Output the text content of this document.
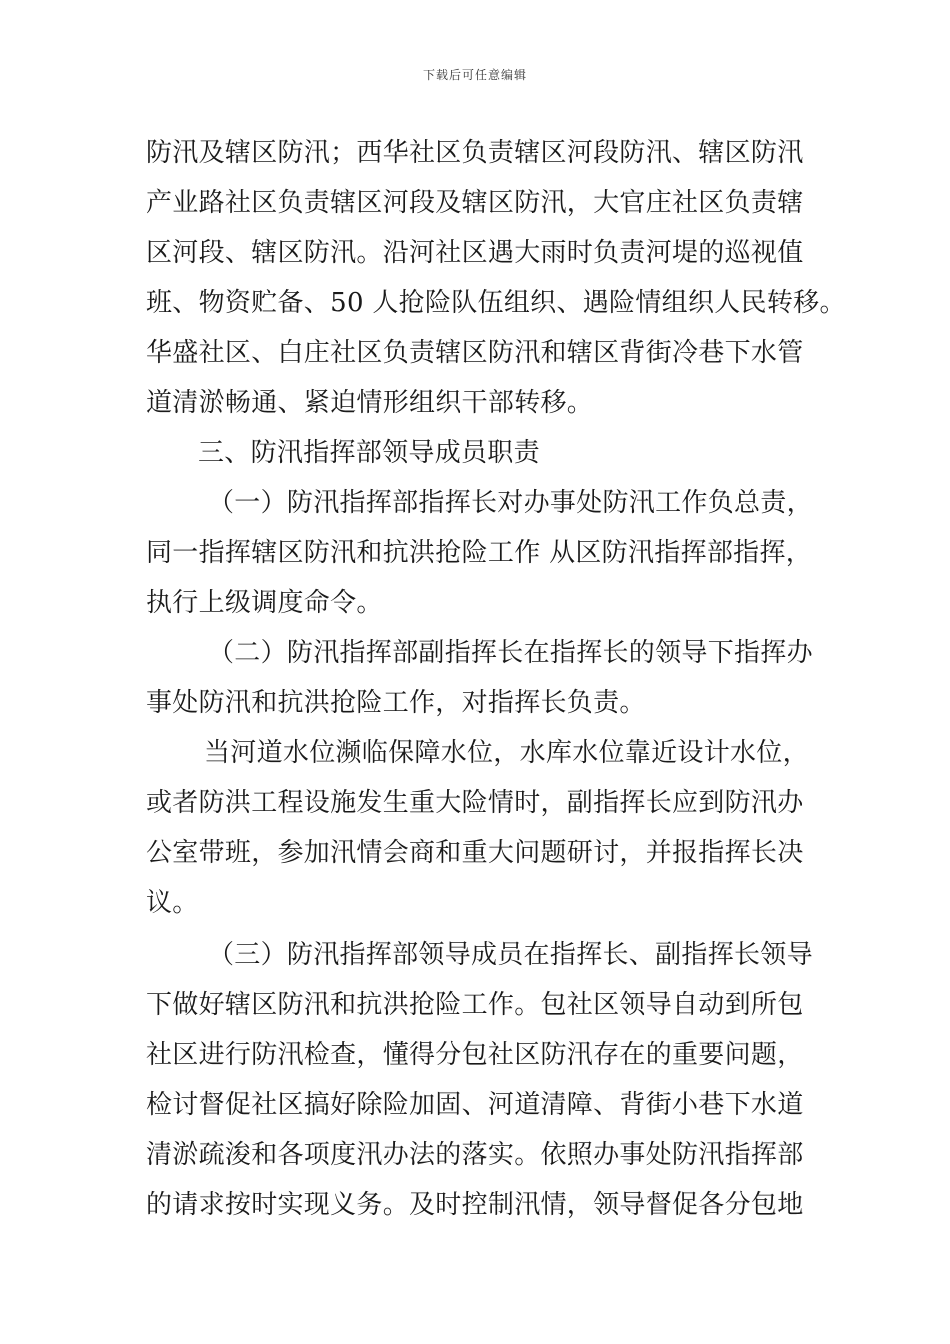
下载后可任意编辑
防汛及辖区防汛；西华社区负责辖区河段防汛、辖区防汛
产业路社区负责辖区河段及辖区防汛，大官庄社区负责辖
区河段、辖区防汛。沿河社区遇大雨时负责河堤的巡视值
班、物资贮备、50 人抢险队伍组织、遇险情组织人民转移。
华盛社区、白庄社区负责辖区防汛和辖区背街冷巷下水管
道清淤畅通、紧迫情形组织干部转移。
三、防汛指挥部领导成员职责
（一）防汛指挥部指挥长对办事处防汛工作负总责，
同一指挥辖区防汛和抗洪抢险工作 从区防汛指挥部指挥，
执行上级调度命令。
（二）防汛指挥部副指挥长在指挥长的领导下指挥办
事处防汛和抗洪抢险工作，对指挥长负责。
当河道水位濒临保障水位，水库水位靠近设计水位，
或者防洪工程设施发生重大险情时，副指挥长应到防汛办
公室带班，参加汛情会商和重大问题研讨，并报指挥长决
议。
（三）防汛指挥部领导成员在指挥长、副指挥长领导
下做好辖区防汛和抗洪抢险工作。包社区领导自动到所包
社区进行防汛检查，懂得分包社区防汛存在的重要问题，
检讨督促社区搞好除险加固、河道清障、背街小巷下水道
清淤疏浚和各项度汛办法的落实。依照办事处防汛指挥部
的请求按时实现义务。及时控制汛情，领导督促各分包地
